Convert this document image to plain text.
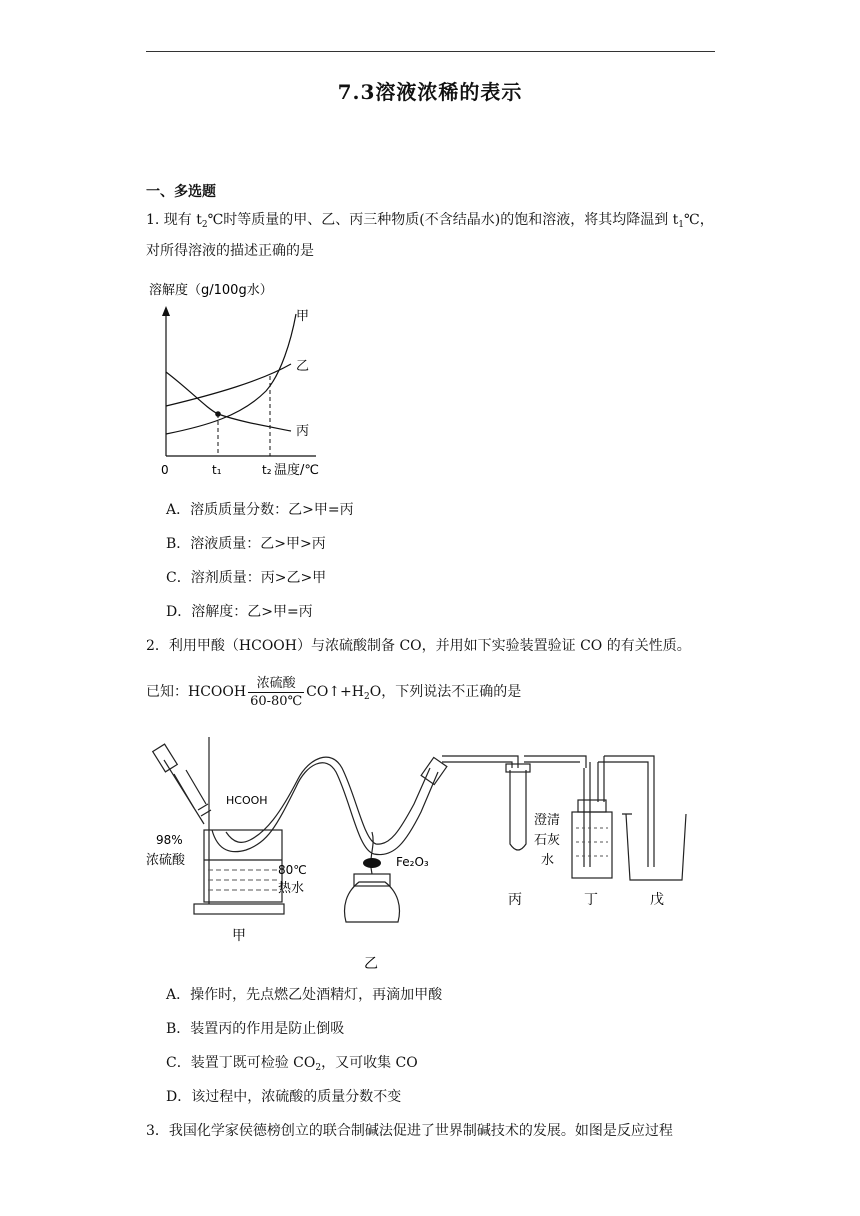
7.3溶液浓稀的表示
一、多选题
1. 现有 $t_2℃$时等质量的甲、乙、丙三种物质(不含结晶水)的饱和溶液，将其均降温到 $t_1℃$，
对所得溶液的描述正确的是
溶解度（g/100g水）
甲
乙
丙
0	t₁	t₂ 温度/℃
A．溶质质量分数：乙>甲=丙
B．溶液质量：乙>甲>丙
C．溶剂质量：丙>乙>甲
D．溶解度：乙>甲=丙
2．利用甲酸（HCOOH）与浓硫酸制备 CO，并用如下实验装置验证 CO 的有关性质。
已知：HCOOH $\frac{\text{浓硫酸}}{60-80℃}$ $CO↑+H_2O$，下列说法不正确的是
HCOOH
98%
浓硫酸
80℃
热水
Fe₂O₃
澄清
石灰
水
甲
乙
丙	丁	戊
A．操作时，先点燃乙处酒精灯，再滴加甲酸
B．装置丙的作用是防止倒吸
C．装置丁既可检验 $CO_2$，又可收集 CO
D．该过程中，浓硫酸的质量分数不变
3．我国化学家侯德榜创立的联合制碱法促进了世界制碱技术的发展。如图是反应过程
